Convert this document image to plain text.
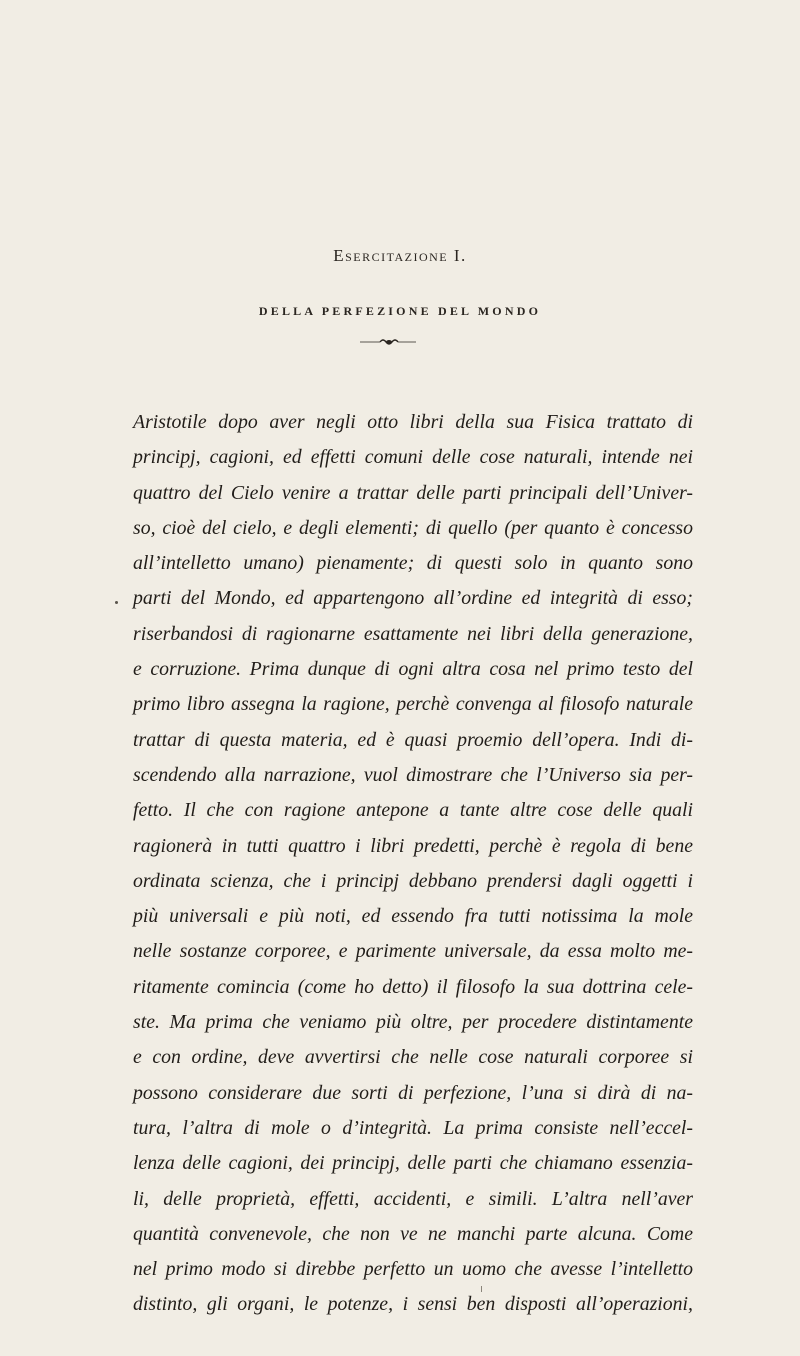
Esercitazione I.
DELLA PERFEZIONE DEL MONDO
Aristotile dopo aver negli otto libri della sua Fisica trattato di
principj, cagioni, ed effetti comuni delle cose naturali, intende nei
quattro del Cielo venire a trattar delle parti principali dell’Univer-
so, cioè del cielo, e degli elementi; di quello (per quanto è concesso
all’intelletto umano) pienamente; di questi solo in quanto sono
parti del Mondo, ed appartengono all’ordine ed integrità di esso;
riserbandosi di ragionarne esattamente nei libri della generazione,
e corruzione. Prima dunque di ogni altra cosa nel primo testo del
primo libro assegna la ragione, perchè convenga al filosofo naturale
trattar di questa materia, ed è quasi proemio dell’opera. Indi di-
scendendo alla narrazione, vuol dimostrare che l’Universo sia per-
fetto. Il che con ragione antepone a tante altre cose delle quali
ragionerà in tutti quattro i libri predetti, perchè è regola di bene
ordinata scienza, che i principj debbano prendersi dagli oggetti i
più universali e più noti, ed essendo fra tutti notissima la mole
nelle sostanze corporee, e parimente universale, da essa molto me-
ritamente comincia (come ho detto) il filosofo la sua dottrina cele-
ste. Ma prima che veniamo più oltre, per procedere distintamente
e con ordine, deve avvertirsi che nelle cose naturali corporee si
possono considerare due sorti di perfezione, l’una si dirà di na-
tura, l’altra di mole o d’integrità. La prima consiste nell’eccel-
lenza delle cagioni, dei principj, delle parti che chiamano essenzia-
li, delle proprietà, effetti, accidenti, e simili. L’altra nell’aver
quantità convenevole, che non ve ne manchi parte alcuna. Come
nel primo modo si direbbe perfetto un uomo che avesse l’intelletto
distinto, gli organi, le potenze, i sensi ben disposti all’operazioni,
